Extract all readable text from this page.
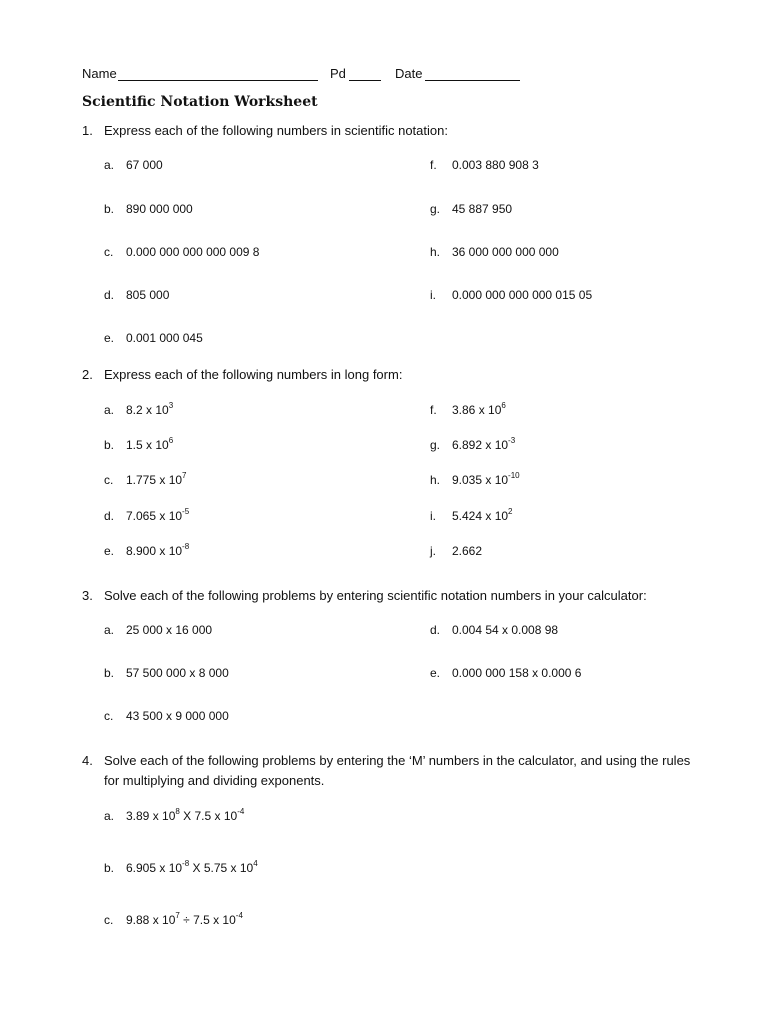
Name	Pd	Date
Scientific Notation Worksheet
1. Express each of the following numbers in scientific notation:
a. 67 000
b. 890 000 000
c. 0.000 000 000 000 009 8
d. 805 000
e. 0.001 000 045
f. 0.003 880 908 3
g. 45 887 950
h. 36 000 000 000 000
i. 0.000 000 000 000 015 05
2. Express each of the following numbers in long form:
a. 8.2 x $10^3$
b. 1.5 x $10^6$
c. 1.775 x $10^7$
d. 7.065 x $10^{-5}$
e. 8.900 x $10^{-8}$
f. 3.86 x $10^6$
g. 6.892 x $10^{-3}$
h. 9.035 x $10^{-10}$
i. 5.424 x $10^2$
j. 2.662
3. Solve each of the following problems by entering scientific notation numbers in your calculator:
a. 25 000 x 16 000
b. 57 500 000 x 8 000
c. 43 500 x 9 000 000
d. 0.004 54 x 0.008 98
e. 0.000 000 158 x 0.000 6
4. Solve each of the following problems by entering the ‘M’ numbers in the calculator, and using the rules
for multiplying and dividing exponents.
a. 3.89 x $10^8$ X 7.5 x $10^{-4}$
b. 6.905 x $10^{-8}$ X 5.75 x $10^4$
c. 9.88 x $10^7 \div 7.5$ x $10^{-4}$
